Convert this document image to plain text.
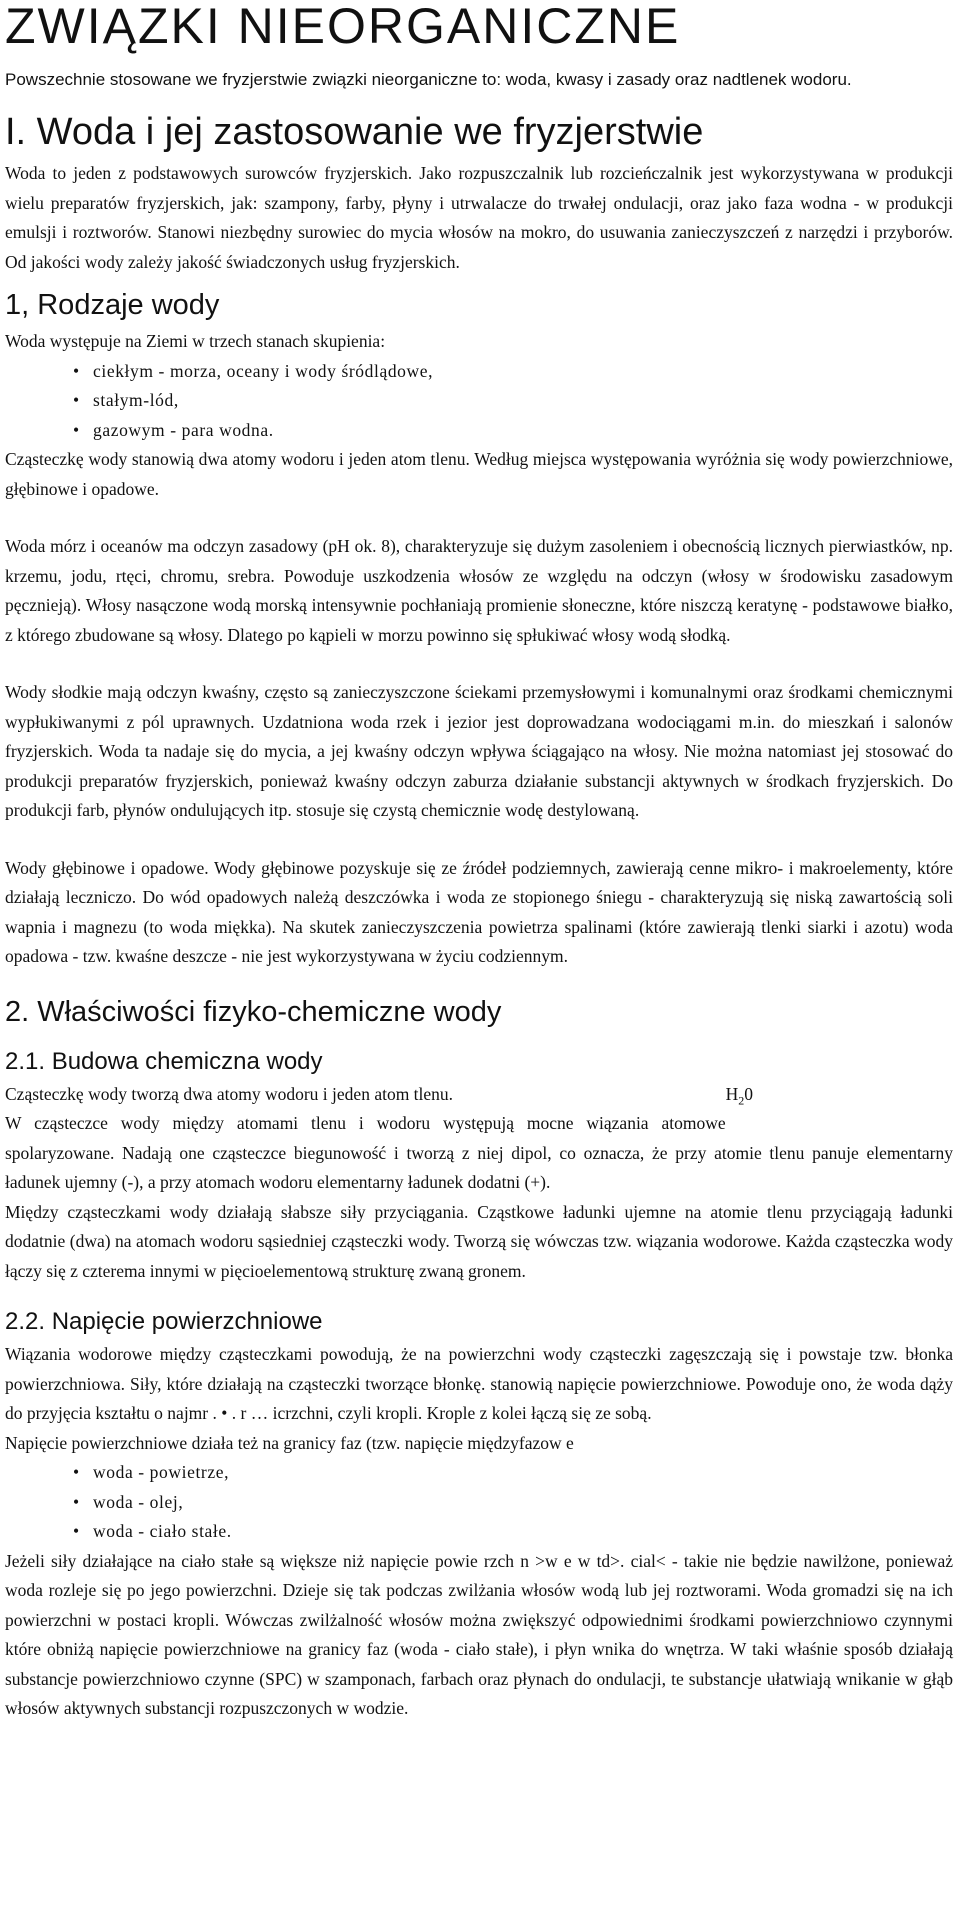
ZWIĄZKI NIEORGANICZNE

Powszechnie stosowane we fryzjerstwie związki nieorganiczne to: woda, kwasy i zasady oraz nadtlenek wodoru.

I. Woda i jej zastosowanie we fryzjerstwie

Woda to jeden z podstawowych surowców fryzjerskich. Jako rozpuszczalnik lub rozcieńczalnik jest wykorzystywana w produkcji wielu preparatów fryzjerskich, jak: szampony, farby, płyny i utrwalacze do trwałej ondulacji, oraz jako faza wodna - w produkcji emulsji i roztworów. Stanowi niezbędny surowiec do mycia włosów na mokro, do usuwania zanieczyszczeń z narzędzi i przyborów. Od jakości wody zależy jakość świadczonych usług fryzjerskich.

1, Rodzaje wody

Woda występuje na Ziemi w trzech stanach skupienia:

• ciekłym - morza, oceany i wody śródlądowe,
• stałym-lód,
• gazowym - para wodna.

Cząsteczkę wody stanowią dwa atomy wodoru i jeden atom tlenu. Według miejsca występowania wyróżnia się wody powierzchniowe, głębinowe i opadowe.

Woda mórz i oceanów ma odczyn zasadowy (pH ok. 8), charakteryzuje się dużym zasoleniem i obecnością licznych pierwiastków, np. krzemu, jodu, rtęci, chromu, srebra. Powoduje uszkodzenia włosów ze względu na odczyn (włosy w środowisku zasadowym pęcznieją). Włosy nasączone wodą morską intensywnie pochłaniają promienie słoneczne, które niszczą keratynę - podstawowe białko, z którego zbudowane są włosy. Dlatego po kąpieli w morzu powinno się spłukiwać włosy wodą słodką.

Wody słodkie mają odczyn kwaśny, często są zanieczyszczone ściekami przemysłowymi i komunalnymi oraz środkami chemicznymi wypłukiwanymi z pól uprawnych. Uzdatniona woda rzek i jezior jest doprowadzana wodociągami m.in. do mieszkań i salonów fryzjerskich. Woda ta nadaje się do mycia, a jej kwaśny odczyn wpływa ściągająco na włosy. Nie można natomiast jej stosować do produkcji preparatów fryzjerskich, ponieważ kwaśny odczyn zaburza działanie substancji aktywnych w środkach fryzjerskich. Do produkcji farb, płynów ondulujących itp. stosuje się czystą chemicznie wodę destylowaną.

Wody głębinowe i opadowe. Wody głębinowe pozyskuje się ze źródeł podziemnych, zawierają cenne mikro- i makroelementy, które działają leczniczo. Do wód opadowych należą deszczówka i woda ze stopionego śniegu - charakteryzują się niską zawartością soli wapnia i magnezu (to woda miękka). Na skutek zanieczyszczenia powietrza spalinami (które zawierają tlenki siarki i azotu) woda opadowa - tzw. kwaśne deszcze - nie jest wykorzystywana w życiu codziennym.

2. Właściwości fizyko-chemiczne wody
2.1. Budowa chemiczna wody

$H_20$
Cząsteczkę wody tworzą dwa atomy wodoru i jeden atom tlenu.

W cząsteczce wody między atomami tlenu i wodoru występują mocne wiązania atomowe spolaryzowane. Nadają one cząsteczce biegunowość i tworzą z niej dipol, co oznacza, że przy atomie tlenu panuje elementarny ładunek ujemny (-), a przy atomach wodoru elementarny ładunek dodatni (+).

Między cząsteczkami wody działają słabsze siły przyciągania. Cząstkowe ładunki ujemne na atomie tlenu przyciągają ładunki dodatnie (dwa) na atomach wodoru sąsiedniej cząsteczki wody. Tworzą się wówczas tzw. wiązania wodorowe. Każda cząsteczka wody łączy się z czterema innymi w pięcioelementową strukturę zwaną gronem.

2.2. Napięcie powierzchniowe

Wiązania wodorowe między cząsteczkami powodują, że na powierzchni wody cząsteczki zagęszczają się i powstaje tzw. błonka powierzchniowa. Siły, które działają na cząsteczki tworzące błonkę. stanowią napięcie powierzchniowe. Powoduje ono, że woda dąży do przyjęcia kształtu o najmr . • . r … icrzchni, czyli kropli. Krople z kolei łączą się ze sobą.

Napięcie powierzchniowe działa też na granicy faz (tzw. napięcie międzyfazow e

• woda - powietrze,
• woda - olej,
• woda - ciało stałe.

Jeżeli siły działające na ciało stałe są większe niż napięcie powie rzch n >w e w td>. cial< - takie nie będzie nawilżone, ponieważ woda rozleje się po jego powierzchni. Dzieje się tak podczas zwilżania włosów wodą lub jej roztworami. Woda gromadzi się na ich powierzchni w postaci kropli. Wówczas zwilżalność włosów można zwiększyć odpowiednimi środkami powierzchniowo czynnymi które obniżą napięcie powierzchniowe na granicy faz (woda - ciało stałe), i płyn wnika do wnętrza. W taki właśnie sposób działają substancje powierzchniowo czynne (SPC) w szamponach, farbach oraz płynach do ondulacji, te substancje ułatwiają wnikanie w głąb włosów aktywnych substancji rozpuszczonych w wodzie.
